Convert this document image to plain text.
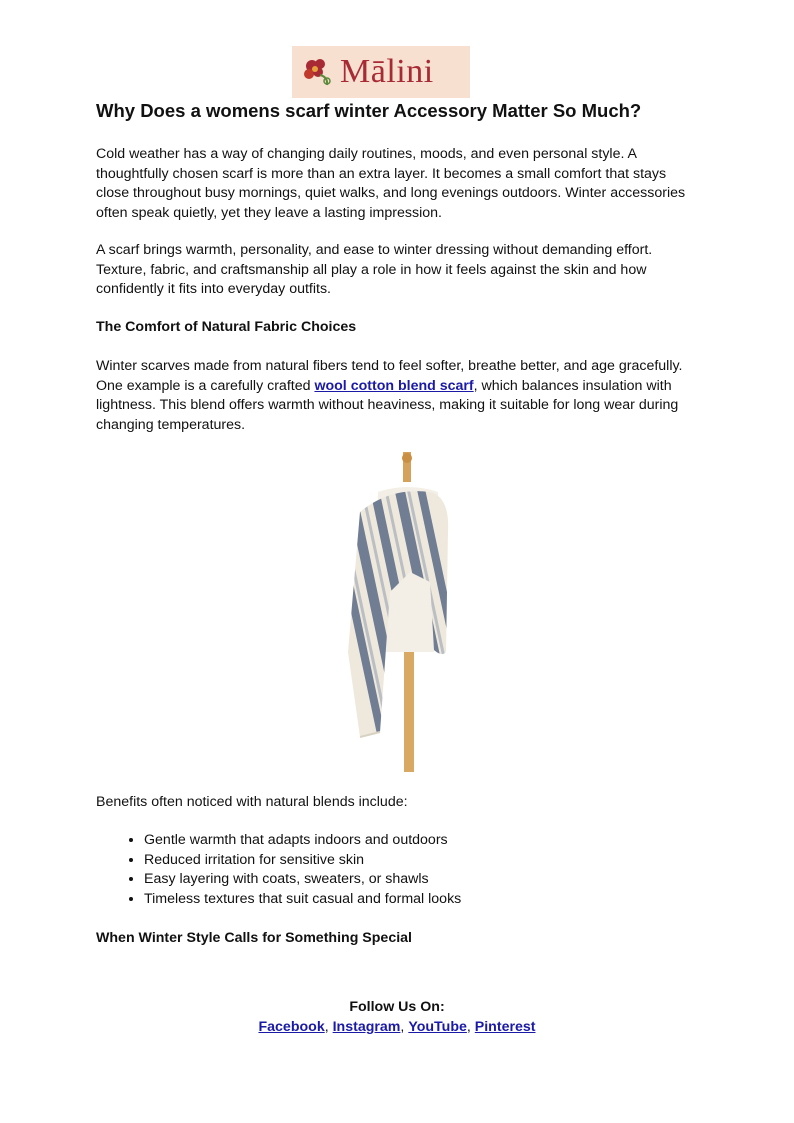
Mālini
Why Does a womens scarf winter Accessory Matter So Much?

Cold weather has a way of changing daily routines, moods, and even personal style. A thoughtfully chosen scarf is more than an extra layer. It becomes a small comfort that stays close throughout busy mornings, quiet walks, and long evenings outdoors. Winter accessories often speak quietly, yet they leave a lasting impression.

A scarf brings warmth, personality, and ease to winter dressing without demanding effort. Texture, fabric, and craftsmanship all play a role in how it feels against the skin and how confidently it fits into everyday outfits.

The Comfort of Natural Fabric Choices

Winter scarves made from natural fibers tend to feel softer, breathe better, and age gracefully. One example is a carefully crafted wool cotton blend scarf, which balances insulation with lightness. This blend offers warmth without heaviness, making it suitable for long wear during changing temperatures.

Benefits often noticed with natural blends include:

• Gentle warmth that adapts indoors and outdoors
• Reduced irritation for sensitive skin
• Easy layering with coats, sweaters, or shawls
• Timeless textures that suit casual and formal looks
When Winter Style Calls for Something Special

Follow Us On:

Facebook, Instagram, YouTube, Pinterest
